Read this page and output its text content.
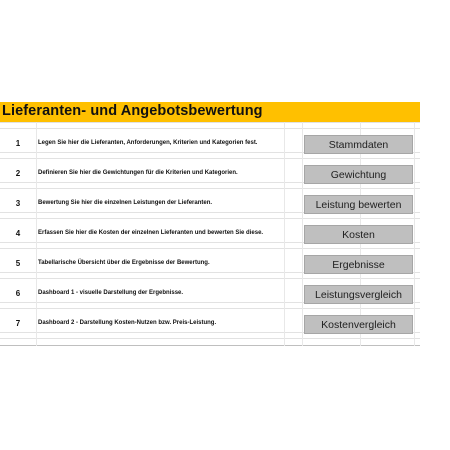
Lieferanten- und Angebotsbewertung
1	Legen Sie hier die Lieferanten, Anforderungen, Kriterien und Kategorien fest.	Stammdaten
2	Definieren Sie hier die Gewichtungen für die Kriterien und Kategorien.	Gewichtung
3	Bewertung Sie hier die einzelnen Leistungen der Lieferanten.	Leistung bewerten
4	Erfassen Sie hier die Kosten der einzelnen Lieferanten und bewerten Sie diese.	Kosten
5	Tabellarische Übersicht über die Ergebnisse der Bewertung.	Ergebnisse
6	Dashboard 1 - visuelle Darstellung der Ergebnisse.	Leistungsvergleich
7	Dashboard 2 - Darstellung Kosten-Nutzen bzw. Preis-Leistung.	Kostenvergleich
